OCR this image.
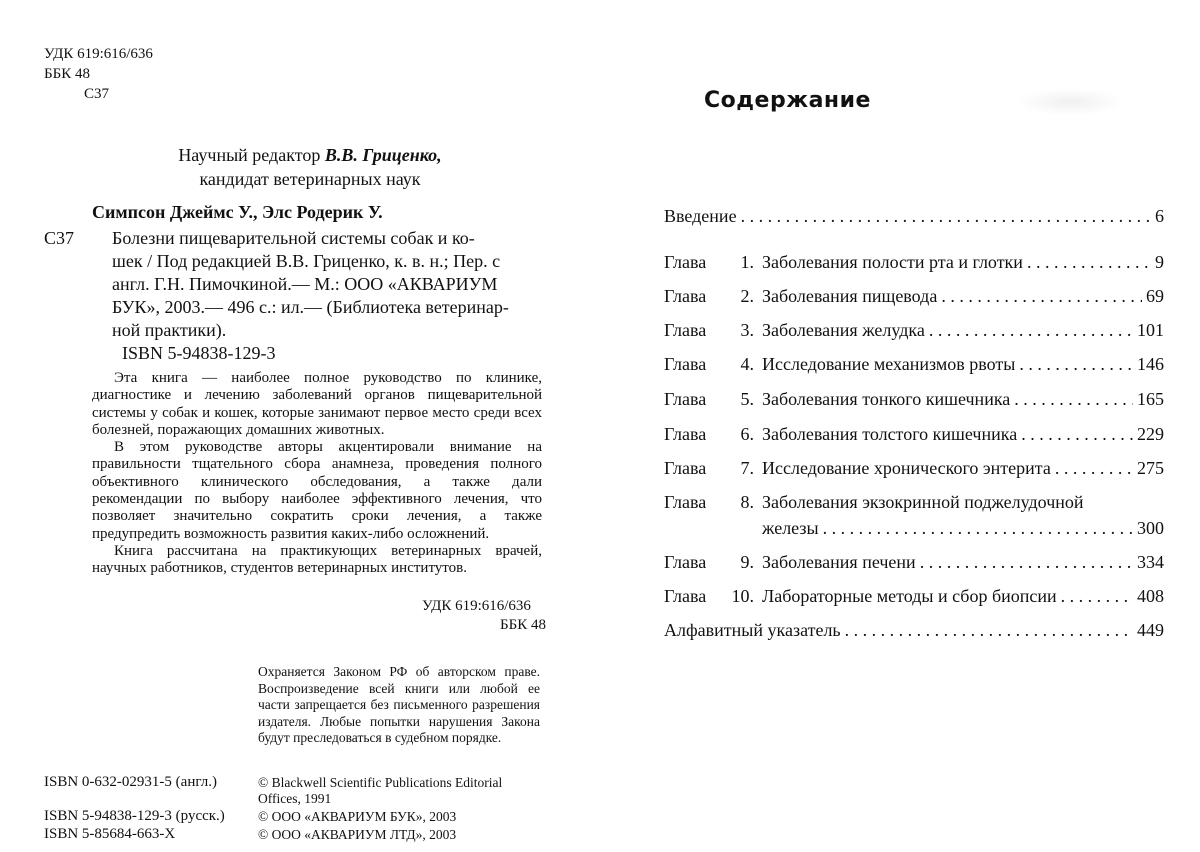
УДК 619:616/636
ББК 48
С37
Научный редактор В.В. Гриценко,
кандидат ветеринарных наук
Симпсон Джеймс У., Элс Родерик У.
С37 Болезни пищеварительной системы собак и ко-
шек / Под редакцией В.В. Гриценко, к. в. н.; Пер. с
англ. Г.Н. Пимочкиной.— М.: ООО «АКВАРИУМ
БУК», 2003.— 496 с.: ил.— (Библиотека ветеринар-
ной практики).
ISBN 5-94838-129-3

Эта книга — наиболее полное руководство по клинике, диагностике и лечению заболеваний органов пищеварительной системы у собак и кошек, которые занимают первое место среди всех болезней, поражающих домашних животных.

В этом руководстве авторы акцентировали внимание на правильности тщательного сбора анамнеза, проведения полного объективного клинического обследования, а также дали рекомендации по выбору наиболее эффективного лечения, что позволяет значительно сократить сроки лечения, а также предупредить возможность развития каких-либо осложнений.

Книга рассчитана на практикующих ветеринарных врачей, научных работников, студентов ветеринарных институтов.

УДК 619:616/636
ББК 48
Охраняется Законом РФ об авторском праве. Воспроизведение всей книги или любой ее части запрещается без письменного разрешения издателя. Любые попытки нарушения Закона будут преследоваться в судебном порядке.
ISBN 0-632-02931-5 (англ.)	© Blackwell Scientific Publications Editorial Offices, 1991
ISBN 5-94838-129-3 (русск.) © ООО «АКВАРИУМ БУК», 2003
ISBN 5-85684-663-X	© ООО «АКВАРИУМ ЛТД», 2003
Содержание
Введение . . .	6
Глава	1. Заболевания полости рта и глотки . . .	9
Глава	2. Заболевания пищевода . . .	69
Глава	3. Заболевания желудка . . .	101
Глава	4. Исследование механизмов рвоты . . .	146
Глава	5. Заболевания тонкого кишечника . . .	165
Глава	6. Заболевания толстого кишечника . . .	229
Глава	7. Исследование хронического энтерита . . .	275
Глава	8. Заболевания экзокринной поджелудочной
железы . . .	300
Глава	9. Заболевания печени . . .	334
Глава	10. Лабораторные методы и сбор биопсии . . .	408
Алфавитный указатель . . .	449
